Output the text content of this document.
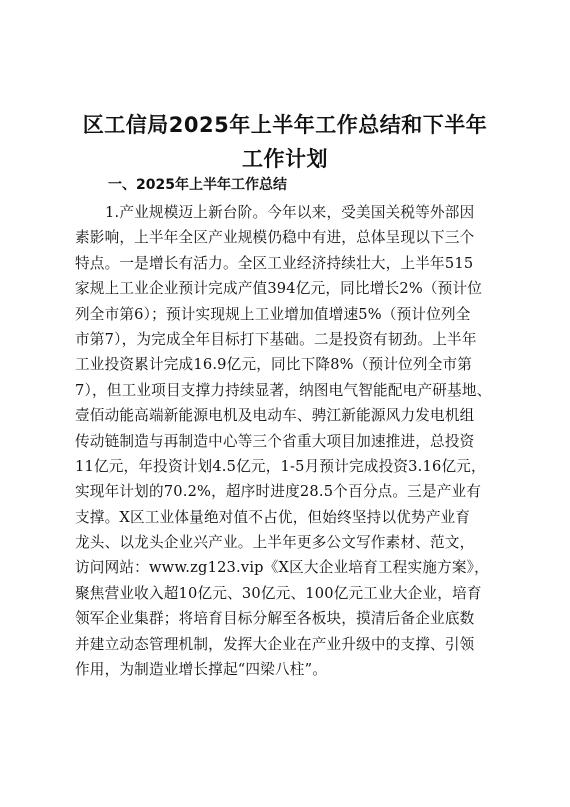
区工信局2025年上半年工作总结和下半年
工作计划
一、2025年上半年工作总结
1.产业规模迈上新台阶。今年以来，受美国关税等外部因
素影响，上半年全区产业规模仍稳中有进，总体呈现以下三个
特点。一是增长有活力。全区工业经济持续壮大，上半年515
家规上工业企业预计完成产值394亿元，同比增长2%（预计位
列全市第6）；预计实现规上工业增加值增速5%（预计位列全
市第7），为完成全年目标打下基础。二是投资有韧劲。上半年
工业投资累计完成16.9亿元，同比下降8%（预计位列全市第
7），但工业项目支撑力持续显著，纳图电气智能配电产研基地、
壹佰动能高端新能源电机及电动车、骋江新能源风力发电机组
传动链制造与再制造中心等三个省重大项目加速推进，总投资
11亿元，年投资计划4.5亿元，1-5月预计完成投资3.16亿元，
实现年计划的70.2%，超序时进度28.5个百分点。三是产业有
支撑。X区工业体量绝对值不占优，但始终坚持以优势产业育
龙头、以龙头企业兴产业。上半年更多公文写作素材、范文，
访问网站：www.zg123.vip《X区大企业培育工程实施方案》，
聚焦营业收入超10亿元、30亿元、100亿元工业大企业，培育
领军企业集群；将培育目标分解至各板块，摸清后备企业底数
并建立动态管理机制，发挥大企业在产业升级中的支撑、引领
作用，为制造业增长撑起“四梁八柱”。
